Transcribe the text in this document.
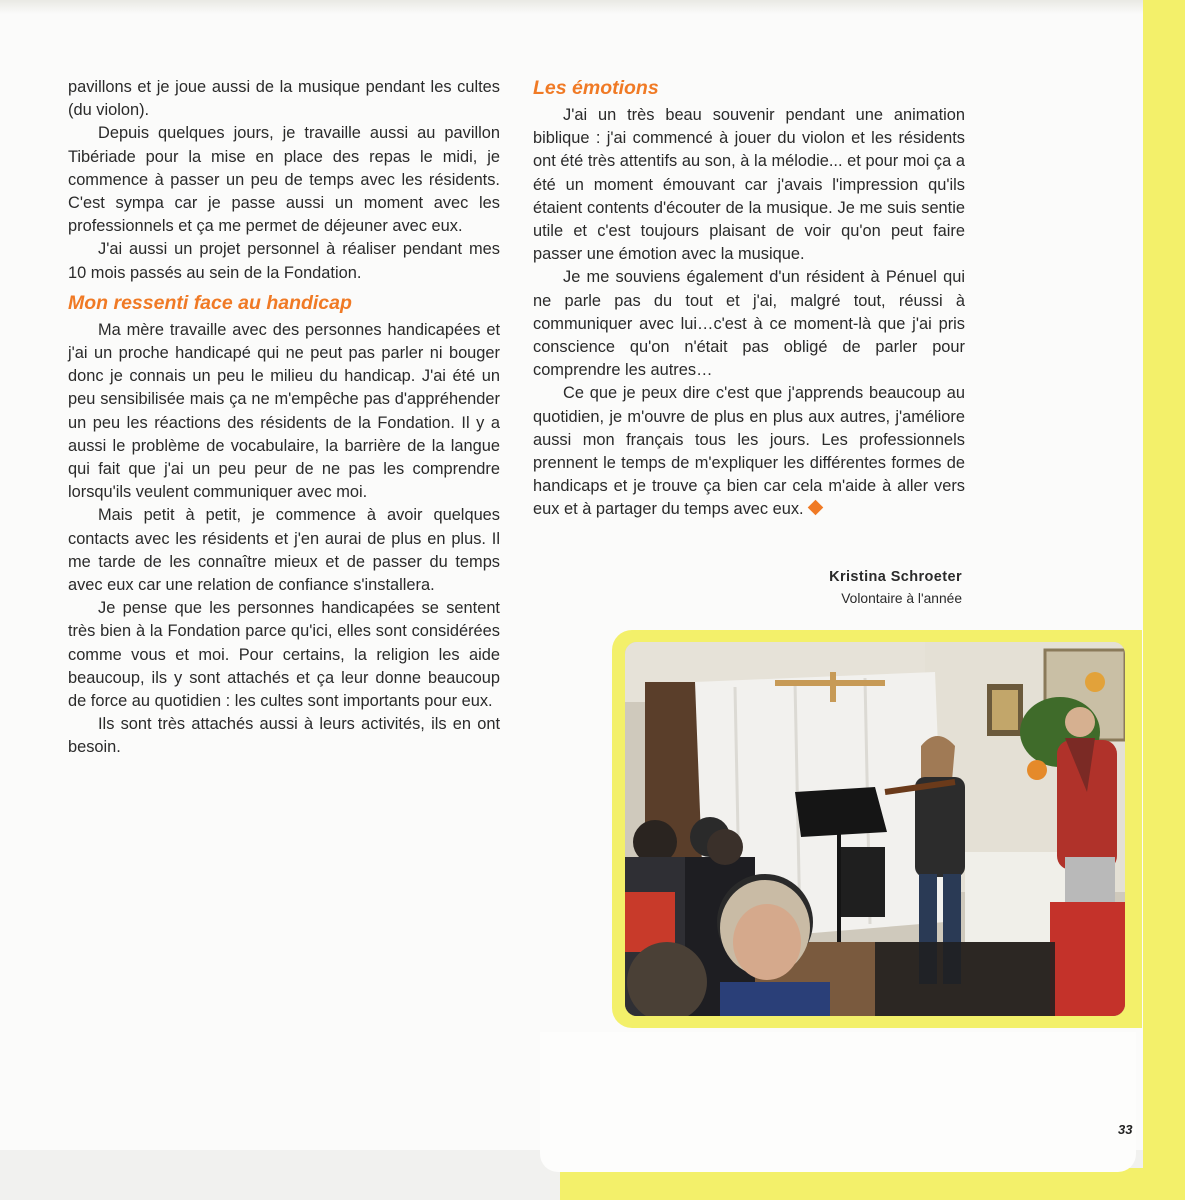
pavillons et je joue aussi de la musique pendant les cultes (du violon).

Depuis quelques jours, je travaille aussi au pavillon Tibériade pour la mise en place des repas le midi, je commence à passer un peu de temps avec les résidents. C'est sympa car je passe aussi un moment avec les professionnels et ça me permet de déjeuner avec eux.

J'ai aussi un projet personnel à réaliser pendant mes 10 mois passés au sein de la Fondation.

Mon ressenti face au handicap

Ma mère travaille avec des personnes handicapées et j'ai un proche handicapé qui ne peut pas parler ni bouger donc je connais un peu le milieu du handicap. J'ai été un peu sensibilisée mais ça ne m'empêche pas d'appréhender un peu les réactions des résidents de la Fondation. Il y a aussi le problème de vocabulaire, la barrière de la langue qui fait que j'ai un peu peur de ne pas les comprendre lorsqu'ils veulent communiquer avec moi.

Mais petit à petit, je commence à avoir quelques contacts avec les résidents et j'en aurai de plus en plus. Il me tarde de les connaître mieux et de passer du temps avec eux car une relation de confiance s'installera.

Je pense que les personnes handicapées se sentent très bien à la Fondation parce qu'ici, elles sont considérées comme vous et moi. Pour certains, la religion les aide beaucoup, ils y sont attachés et ça leur donne beaucoup de force au quotidien : les cultes sont importants pour eux.

Ils sont très attachés aussi à leurs activités, ils en ont besoin.

Les émotions

J'ai un très beau souvenir pendant une animation biblique : j'ai commencé à jouer du violon et les résidents ont été très attentifs au son, à la mélodie... et pour moi ça a été un moment émouvant car j'avais l'impression qu'ils étaient contents d'écouter de la musique. Je me suis sentie utile et c'est toujours plaisant de voir qu'on peut faire passer une émotion avec la musique.

Je me souviens également d'un résident à Pénuel qui ne parle pas du tout et j'ai, malgré tout, réussi à communiquer avec lui…c'est à ce moment-là que j'ai pris conscience qu'on n'était pas obligé de parler pour comprendre les autres…

Ce que je peux dire c'est que j'apprends beaucoup au quotidien, je m'ouvre de plus en plus aux autres, j'améliore aussi mon français tous les jours. Les professionnels prennent le temps de m'expliquer les différentes formes de handicaps et je trouve ça bien car cela m'aide à aller vers eux et à partager du temps avec eux.

Kristina Schroeter
Volontaire à l'année
33
